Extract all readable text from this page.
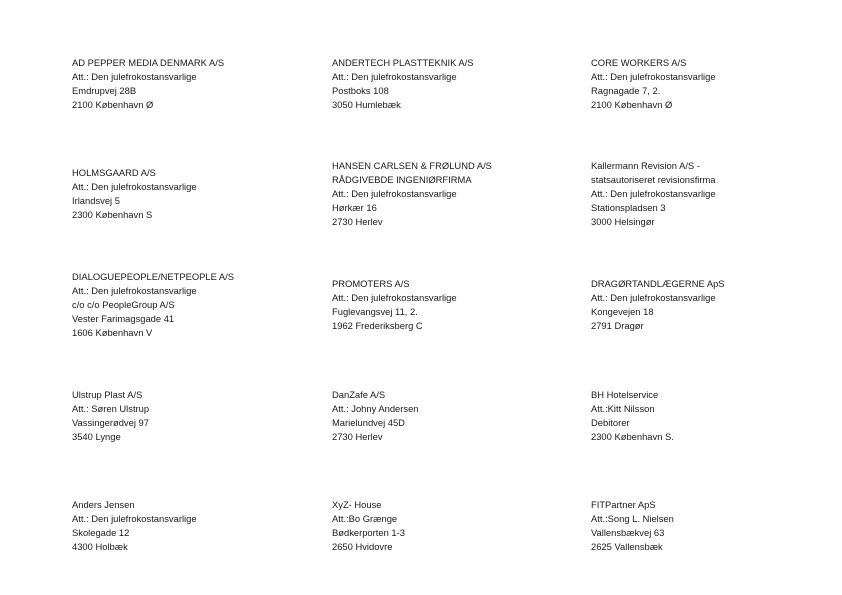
AD PEPPER MEDIA DENMARK A/S
Att.: Den julefrokostansvarlige
Emdrupvej 28B
2100 København Ø
ANDERTECH PLASTTEKNIK A/S
Att.: Den julefrokostansvarlige
Postboks 108
3050 Humlebæk
CORE WORKERS A/S
Att.: Den julefrokostansvarlige
Ragnagade 7, 2.
2100 København Ø
HOLMSGAARD A/S
Att.: Den julefrokostansvarlige
Irlandsvej 5
2300 København S
HANSEN CARLSEN & FRØLUND A/S
RÅDGIVEBDE INGENIØRFIRMA
Att.: Den julefrokostansvarlige
Hørkær 16
2730 Herlev
Kallermann Revision A/S -
statsautoriseret revisionsfirma
Att.: Den julefrokostansvarlige
Stationspladsen 3
3000 Helsingør
DIALOGUEPEOPLE/NETPEOPLE A/S
Att.: Den julefrokostansvarlige
c/o c/o PeopleGroup A/S
Vester Farimagsgade 41
1606 København V
PROMOTERS A/S
Att.: Den julefrokostansvarlige
Fuglevangsvej 11, 2.
1962 Frederiksberg C
DRAGØRTANDLÆGERNE ApS
Att.: Den julefrokostansvarlige
Kongevejen 18
2791 Dragør
Ulstrup Plast A/S
Att.: Søren Ulstrup
Vassingerødvej 97
3540 Lynge
DanZafe A/S
Att.: Johny Andersen
Marielundvej 45D
2730 Herlev
BH Hotelservice
Att.:Kitt Nilsson
Debitorer
2300 København S.
Anders Jensen
Att.: Den julefrokostansvarlige
Skolegade 12
4300 Holbæk
XyZ- House
Att.:Bo Grænge
Bødkerporten 1-3
2650 Hvidovre
FITPartner ApS
Att.:Song L. Nielsen
Vallensbækvej 63
2625 Vallensbæk
